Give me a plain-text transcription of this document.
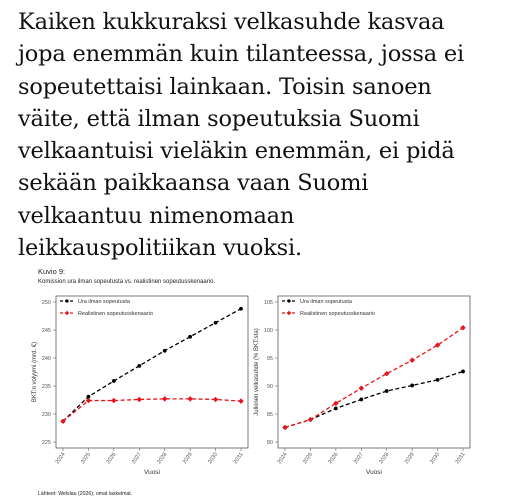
Kaiken kukkuraksi velkasuhde kasvaa
jopa enemmän kuin tilanteessa, jossa ei
sopeutettaisi lainkaan. Toisin sanoen
väite, että ilman sopeutuksia Suomi
velkaantuisi vieläkin enemmän, ei pidä
sekään paikkaansa vaan Suomi
velkaantuu nimenomaan
leikkauspolitiikan vuoksi.
Kuvio 9:
Komission ura ilman sopeutusta vs. realistinen sopeutusskenaario.
225
230
235
240
245
250
2024 2025 2026 2027 2028 2029 2030 2031
Vuosi
BKT:n volyymi (mrd. €)
Ura ilman sopeutusta
Realistinen sopeutusskenaario
80
85
90
95
100
105
2024 2025 2026 2027 2028 2029 2030 2031
Vuosi
Julkinen velkasuhde (% BKT:sta)
Ura ilman sopeutusta
Realistinen sopeutusskenaario
Lähteet: Welslau (2026); omat laskelmat.
